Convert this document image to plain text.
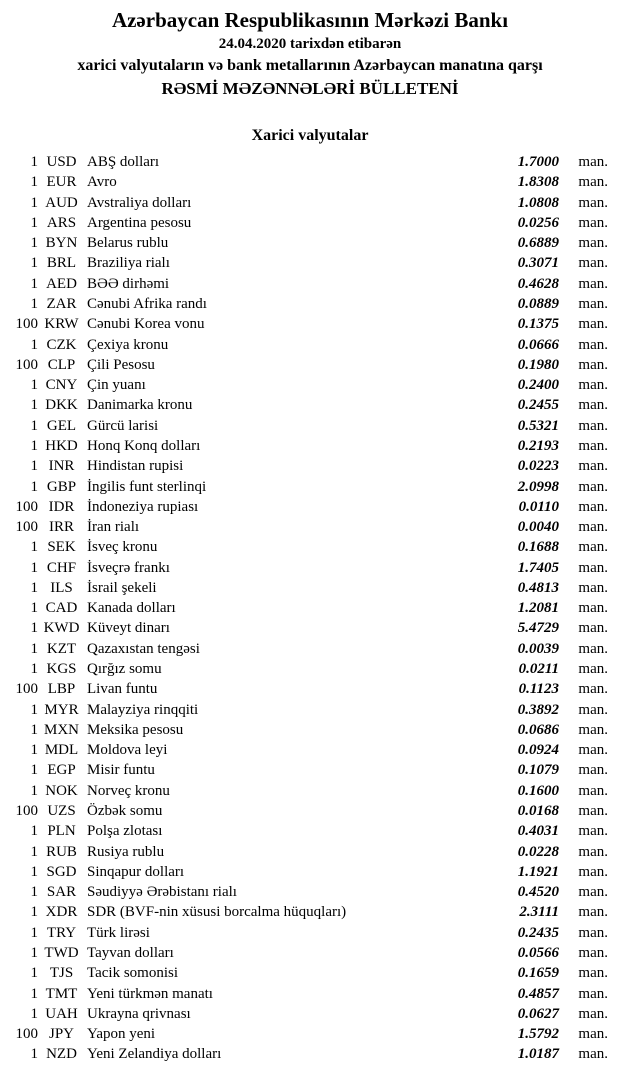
Azərbaycan Respublikasının Mərkəzi Bankı
24.04.2020 tarixdən etibarən
xarici valyutaların və bank metallarının Azərbaycan manatına qarşı
RƏSMİ MƏZƏNNƏLƏRİ BÜLLETENİ
Xarici valyutalar
1 USD ABŞ dolları	1.7000	man.
1 EUR Avro	1.8308	man.
1 AUD Avstraliya dolları	1.0808	man.
1 ARS Argentina pesosu	0.0256	man.
1 BYN Belarus rublu	0.6889	man.
1 BRL Braziliya rialı	0.3071	man.
1 AED BƏƏ dirhəmi	0.4628	man.
1 ZAR Cənubi Afrika randı	0.0889	man.
100 KRW Cənubi Korea vonu	0.1375	man.
1 CZK Çexiya kronu	0.0666	man.
100 CLP Çili Pesosu	0.1980	man.
1 CNY Çin yuanı	0.2400	man.
1 DKK Danimarka kronu	0.2455	man.
1 GEL Gürcü larisi	0.5321	man.
1 HKD Honq Konq dolları	0.2193	man.
1 INR Hindistan rupisi	0.0223	man.
1 GBP İngilis funt sterlinqi	2.0998	man.
100 IDR İndoneziya rupiası	0.0110	man.
100 IRR İran rialı	0.0040	man.
1 SEK İsveç kronu	0.1688	man.
1 CHF İsveçrə frankı	1.7405	man.
1 ILS İsrail şekeli	0.4813	man.
1 CAD Kanada dolları	1.2081	man.
1 KWD Küveyt dinarı	5.4729	man.
1 KZT Qazaxıstan tengəsi	0.0039	man.
1 KGS Qırğız somu	0.0211	man.
100 LBP Livan funtu	0.1123	man.
1 MYR Malayziya rinqqiti	0.3892	man.
1 MXN Meksika pesosu	0.0686	man.
1 MDL Moldova leyi	0.0924	man.
1 EGP Misir funtu	0.1079	man.
1 NOK Norveç kronu	0.1600	man.
100 UZS Özbək somu	0.0168	man.
1 PLN Polşa zlotası	0.4031	man.
1 RUB Rusiya rublu	0.0228	man.
1 SGD Sinqapur dolları	1.1921	man.
1 SAR Səudiyyə Ərəbistanı rialı	0.4520	man.
1 XDR SDR (BVF-nin xüsusi borcalma hüquqları)	2.3111	man.
1 TRY Türk lirəsi	0.2435	man.
1 TWD Tayvan dolları	0.0566	man.
1 TJS Tacik somonisi	0.1659	man.
1 TMT Yeni türkmən manatı	0.4857	man.
1 UAH Ukrayna qrivnası	0.0627	man.
100 JPY Yapon yeni	1.5792	man.
1 NZD Yeni Zelandiya dolları	1.0187	man.
